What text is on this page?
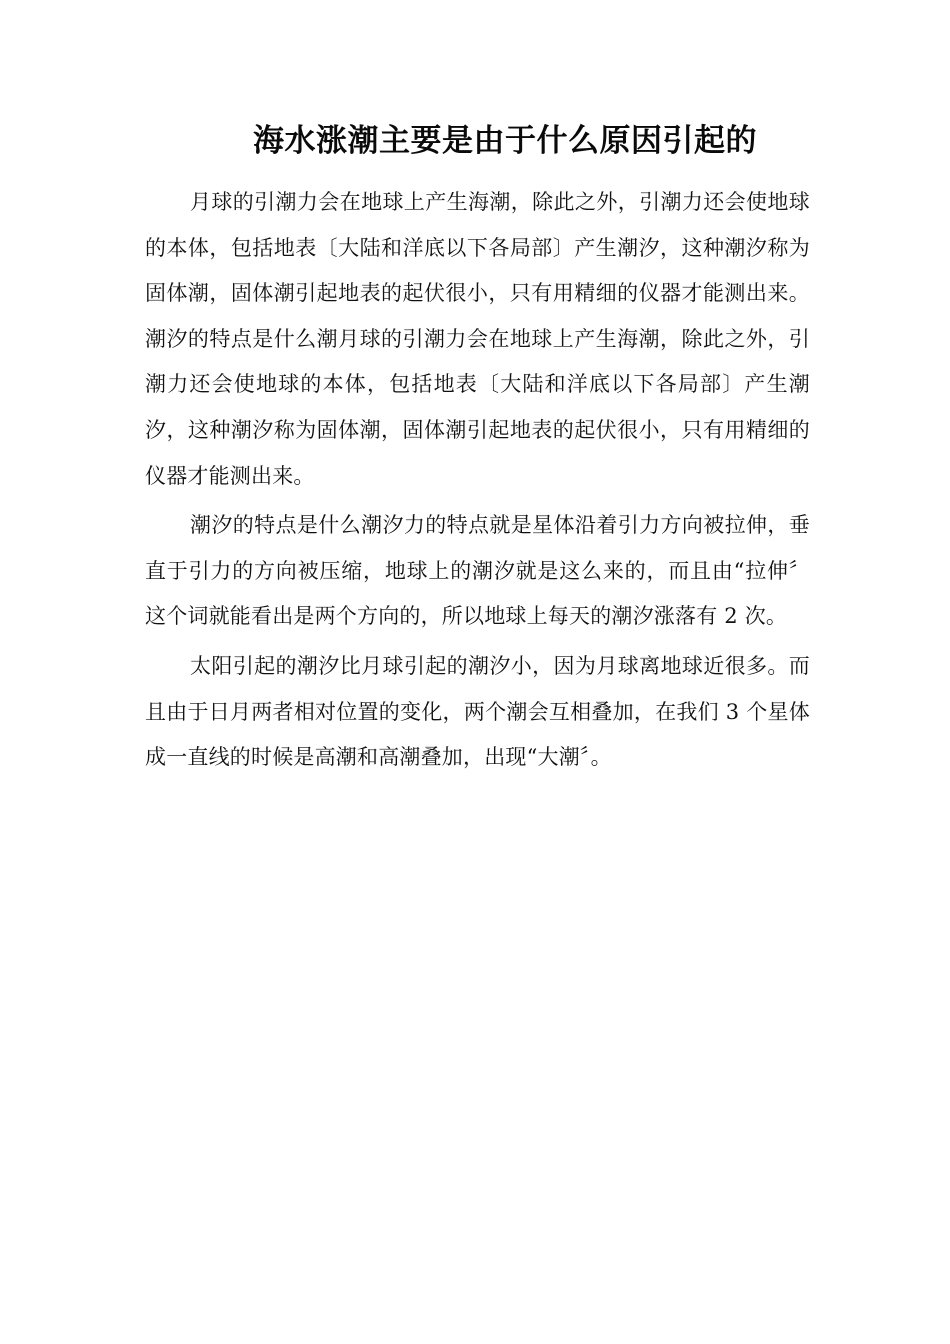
海水涨潮主要是由于什么原因引起的

月球的引潮力会在地球上产生海潮，除此之外，引潮力还会使地球的本体，包括地表〔大陆和洋底以下各局部〕产生潮汐，这种潮汐称为固体潮，固体潮引起地表的起伏很小，只有用精细的仪器才能测出来。潮汐的特点是什么潮月球的引潮力会在地球上产生海潮，除此之外，引潮力还会使地球的本体，包括地表〔大陆和洋底以下各局部〕产生潮汐，这种潮汐称为固体潮，固体潮引起地表的起伏很小，只有用精细的仪器才能测出来。

潮汐的特点是什么潮汐力的特点就是星体沿着引力方向被拉伸，垂直于引力的方向被压缩，地球上的潮汐就是这么来的，而且由“拉伸〞这个词就能看出是两个方向的，所以地球上每天的潮汐涨落有 2 次。

太阳引起的潮汐比月球引起的潮汐小，因为月球离地球近很多。而且由于日月两者相对位置的变化，两个潮会互相叠加，在我们 3 个星体成一直线的时候是高潮和高潮叠加，出现“大潮〞。
